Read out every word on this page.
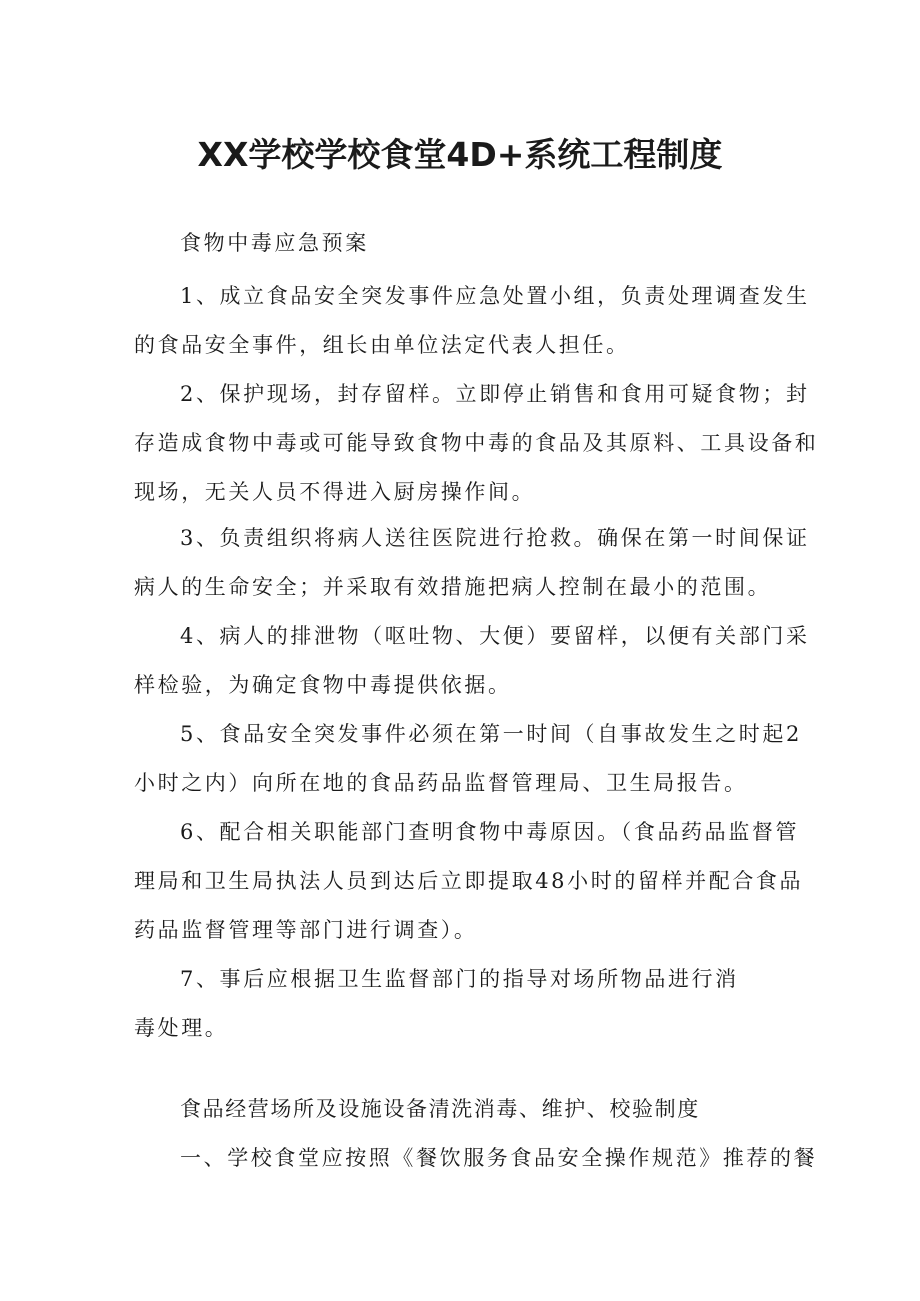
XX学校学校食堂4D+系统工程制度

食物中毒应急预案

1、成立食品安全突发事件应急处置小组，负责处理调查发生

的食品安全事件，组长由单位法定代表人担任。

2、保护现场，封存留样。立即停止销售和食用可疑食物；封

存造成食物中毒或可能导致食物中毒的食品及其原料、工具设备和

现场，无关人员不得进入厨房操作间。

3、负责组织将病人送往医院进行抢救。确保在第一时间保证

病人的生命安全；并采取有效措施把病人控制在最小的范围。

4、病人的排泄物（呕吐物、大便）要留样，以便有关部门采

样检验，为确定食物中毒提供依据。

5、食品安全突发事件必须在第一时间（自事故发生之时起2

小时之内）向所在地的食品药品监督管理局、卫生局报告。

6、配合相关职能部门查明食物中毒原因。（食品药品监督管

理局和卫生局执法人员到达后立即提取48小时的留样并配合食品

药品监督管理等部门进行调查）。

7、事后应根据卫生监督部门的指导对场所物品进行消

毒处理。

食品经营场所及设施设备清洗消毒、维护、校验制度

一、学校食堂应按照《餐饮服务食品安全操作规范》推荐的餐
